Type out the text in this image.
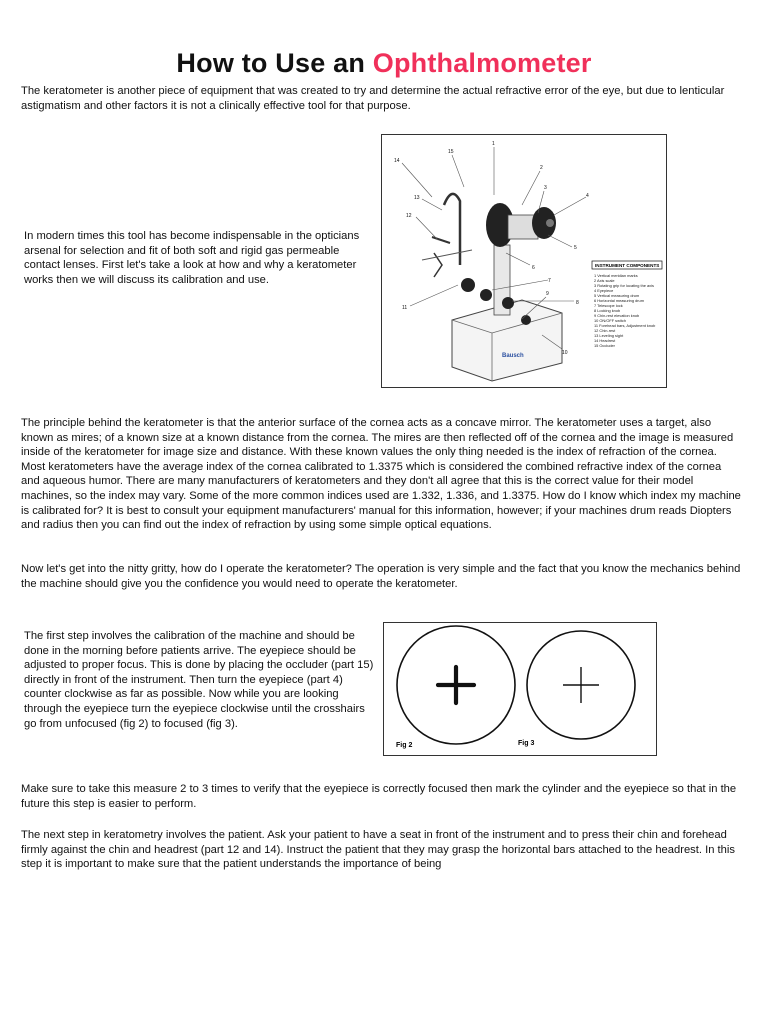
How to Use an Ophthalmometer
The keratometer is another piece of equipment that was created to try and determine the actual refractive error of the eye, but due to lenticular astigmatism and other factors it is not a clinically effective tool for that purpose.
In modern times this tool has become indispensable in the opticians arsenal for selection and fit of both soft and rigid gas permeable contact lenses. First let's take a look at how and why a keratometer works then we will discuss its calibration and use.
Bausch
1
2
3
4
5
6
7
8
9
10
11
12
13
14
15
INSTRUMENT COMPONENTS
1 Vertical meridian marks
2 Axis scale
3 Rotating grip for locating the axis
4 Eyepiece
5 Vertical measuring drum
6 Horizontal measuring drum
7 Telescope lock
8 Locking knob
9 Chin-rest elevation knob
10 ON/OFF switch
11 Forehead bars, Adjustment knob
12 Chin-rest
13 Leveling sight
14 Headrest
15 Occluder
The principle behind the keratometer is that the anterior surface of the cornea acts as a concave mirror. The keratometer uses a target, also known as mires; of a known size at a known distance from the cornea. The mires are then reflected off of the cornea and the image is measured inside of the keratometer for image size and distance. With these known values the only thing needed is the index of refraction of the cornea. Most keratometers have the average index of the cornea calibrated to 1.3375 which is considered the combined refractive index of the cornea and aqueous humor. There are many manufacturers of keratometers and they don't all agree that this is the correct value for their model machines, so the index may vary. Some of the more common indices used are 1.332, 1.336, and 1.3375. How do I know which index my machine is calibrated for? It is best to consult your equipment manufacturers' manual for this information, however; if your machines drum reads Diopters and radius then you can find out the index of refraction by using some simple optical equations.
Now let's get into the nitty gritty, how do I operate the keratometer? The operation is very simple and the fact that you know the mechanics behind the machine should give you the confidence you would need to operate the keratometer.
The first step involves the calibration of the machine and should be done in the morning before patients arrive. The eyepiece should be adjusted to proper focus. This is done by placing the occluder (part 15) directly in front of the instrument. Then turn the eyepiece (part 4) counter clockwise as far as possible. Now while you are looking through the eyepiece turn the eyepiece clockwise until the crosshairs go from unfocused (fig 2) to focused (fig 3).
Fig 2	Fig 3
Make sure to take this measure 2 to 3 times to verify that the eyepiece is correctly focused then mark the cylinder and the eyepiece so that in the future this step is easier to perform.
The next step in keratometry involves the patient. Ask your patient to have a seat in front of the instrument and to press their chin and forehead firmly against the chin and headrest (part 12 and 14). Instruct the patient that they may grasp the horizontal bars attached to the headrest. In this step it is important to make sure that the patient understands the importance of being
